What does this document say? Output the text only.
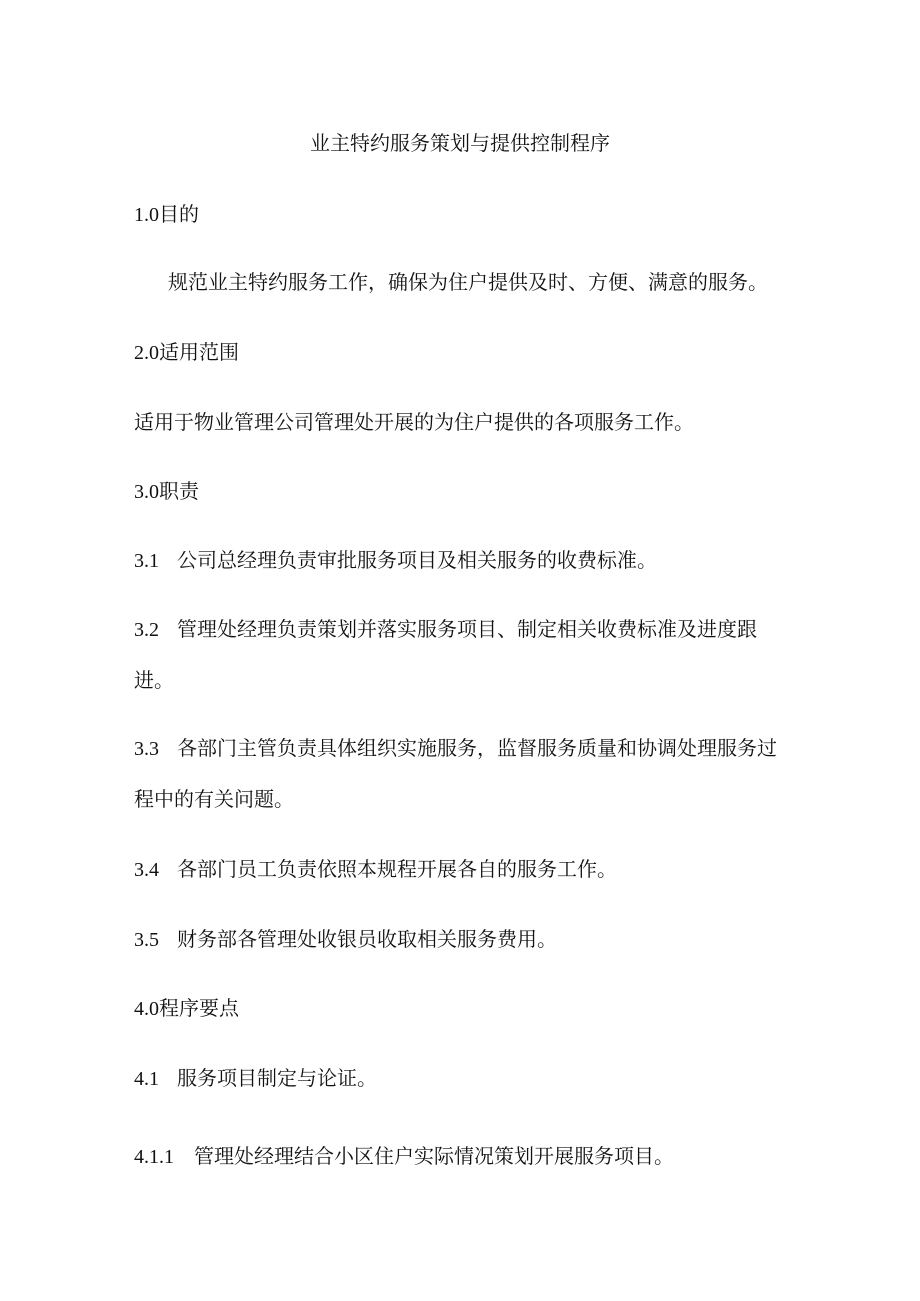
业主特约服务策划与提供控制程序
1.0目的
规范业主特约服务工作，确保为住户提供及时、方便、满意的服务。
2.0适用范围
适用于物业管理公司管理处开展的为住户提供的各项服务工作。
3.0职责
3.1 公司总经理负责审批服务项目及相关服务的收费标准。
3.2 管理处经理负责策划并落实服务项目、制定相关收费标准及进度跟
进。
3.3 各部门主管负责具体组织实施服务，监督服务质量和协调处理服务过
程中的有关问题。
3.4 各部门员工负责依照本规程开展各自的服务工作。
3.5 财务部各管理处收银员收取相关服务费用。
4.0程序要点
4.1 服务项目制定与论证。
4.1.1 管理处经理结合小区住户实际情况策划开展服务项目。
